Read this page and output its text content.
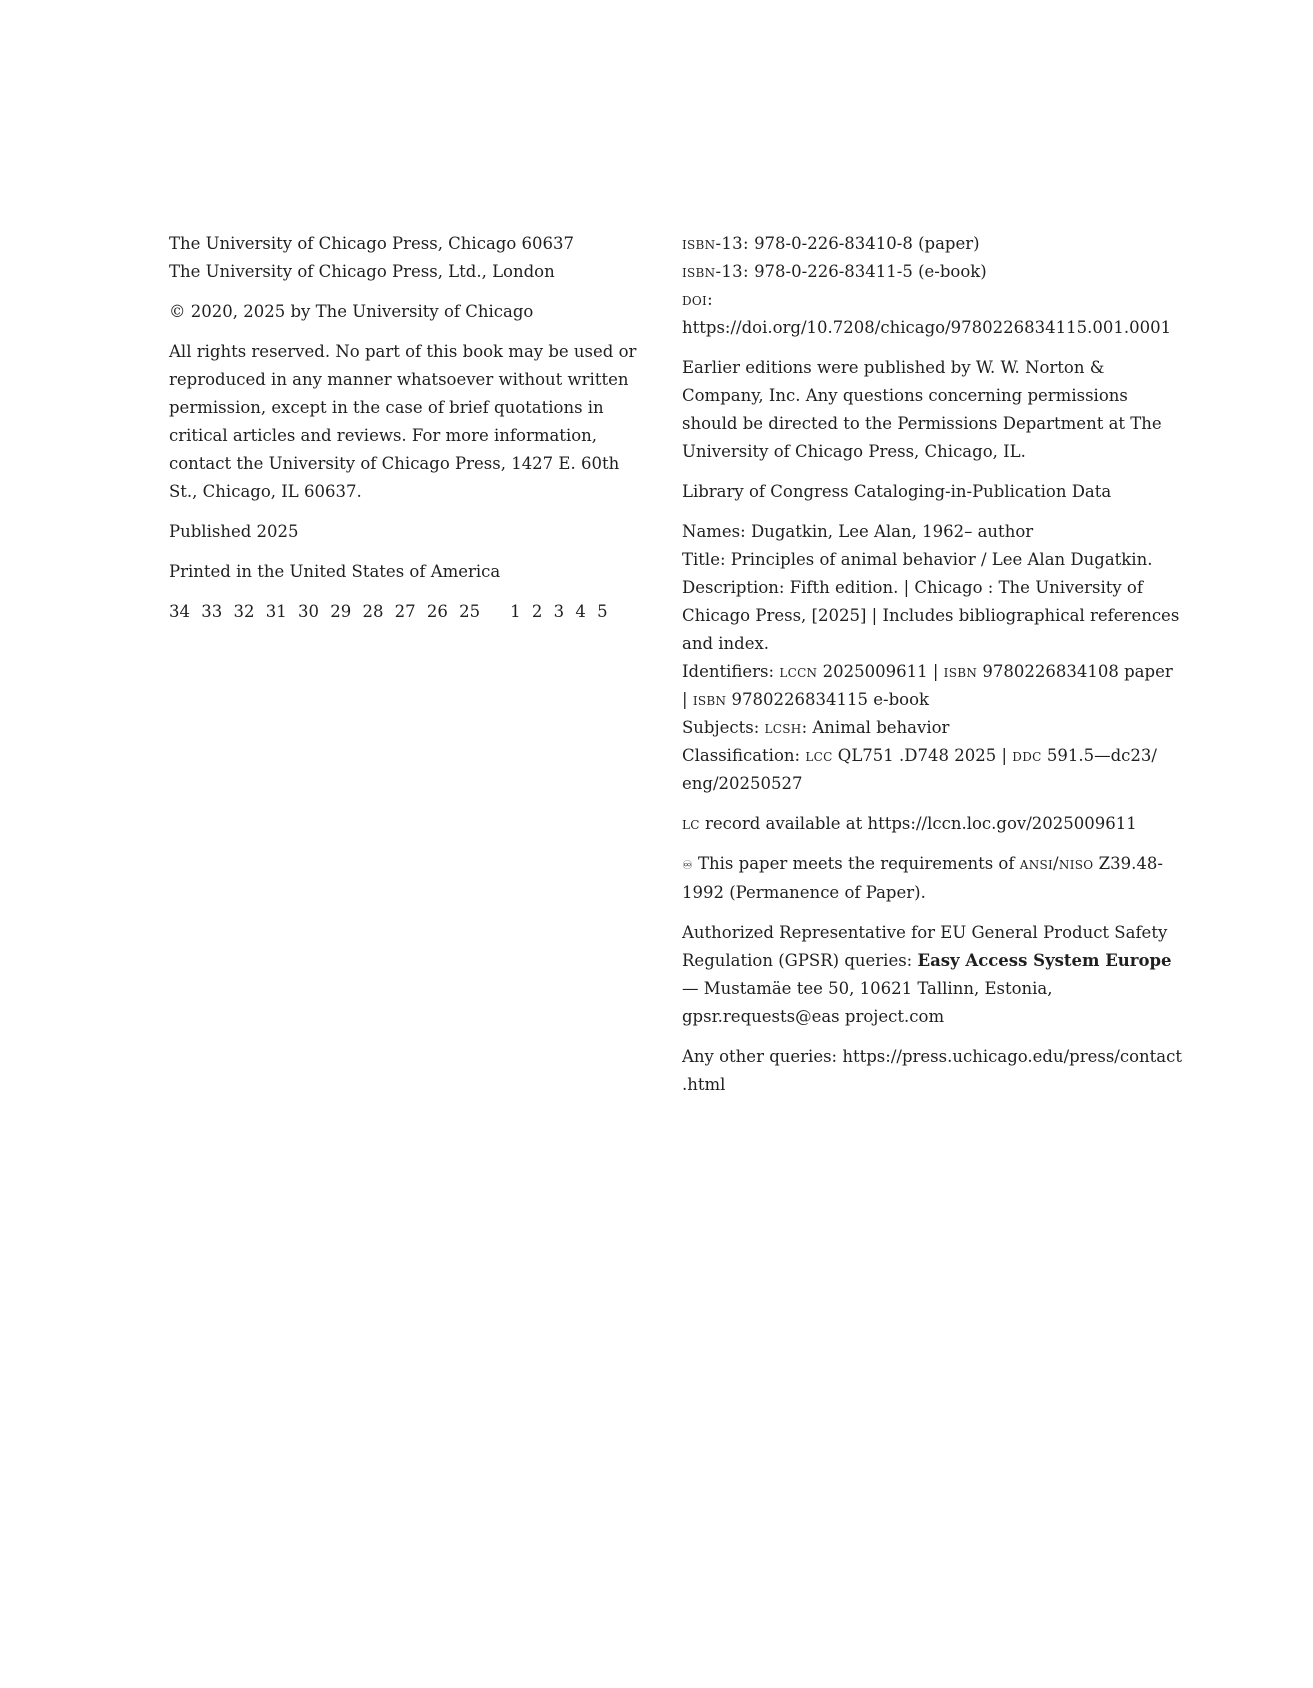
The University of Chicago Press, Chicago 60637
The University of Chicago Press, Ltd., London

© 2020, 2025 by The University of Chicago

All rights reserved. No part of this book may be used or reproduced in any manner whatsoever without written permission, except in the case of brief quotations in critical articles and reviews. For more information, contact the University of Chicago Press, 1427 E. 60th St., Chicago, IL 60637.

Published 2025

Printed in the United States of America

34 33 32 31 30 29 28 27 26 25 1 2 3 4 5

isbn-13: 978-0-226-83410-8 (paper)
isbn-13: 978-0-226-83411-5 (e-book)
doi: https://doi.org/10.7208/chicago/9780226834115.001.0001

Earlier editions were published by W. W. Norton & Company, Inc. Any questions concerning permissions should be directed to the Permissions Department at The University of Chicago Press, Chicago, IL.

Library of Congress Cataloging-in-Publication Data

Names: Dugatkin, Lee Alan, 1962– author
Title: Principles of animal behavior / Lee Alan Dugatkin.
Description: Fifth edition. | Chicago : The University of Chicago Press, [2025] | Includes bibliographical references and index.
Identifiers: lccn 2025009611 | isbn 9780226834108 paper | isbn 9780226834115 e-book
Subjects: lcsh: Animal behavior
Classification: lcc QL751 .D748 2025 | ddc 591.5—dc23/ eng/20250527

lc record available at https://lccn.loc.gov/2025009611

♾ This paper meets the requirements of ansi/niso Z39.48-1992 (Permanence of Paper).

Authorized Representative for EU General Product Safety Regulation (GPSR) queries: Easy Access System Europe— Mustamäe tee 50, 10621 Tallinn, Estonia, gpsr.requests@eas project.com

Any other queries: https://press.uchicago.edu/press/contact .html
